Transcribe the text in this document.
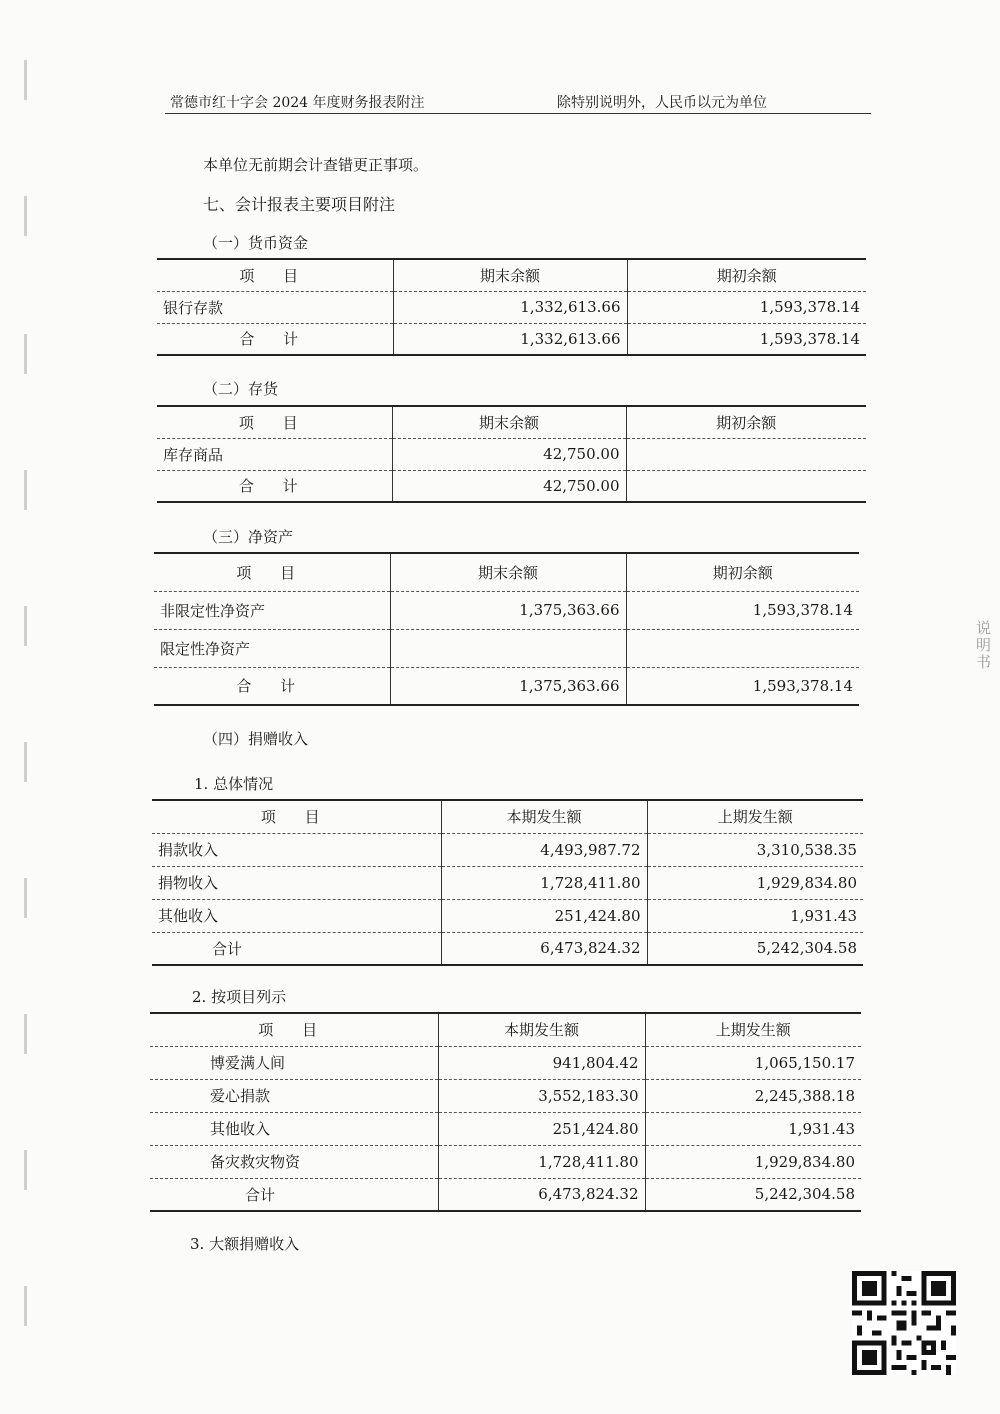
常德市红十字会 2024 年度财务报表附注	除特别说明外，人民币以元为单位
本单位无前期会计查错更正事项。
七、会计报表主要项目附注
（一）货币资金
项 目	期末余额	期初余额
银行存款	1,332,613.66	1,593,378.14
合 计	1,332,613.66	1,593,378.14
（二）存货
项 目	期末余额	期初余额
库存商品	42,750.00	
合 计	42,750.00	
（三）净资产
项 目	期末余额	期初余额
非限定性净资产	1,375,363.66	1,593,378.14
限定性净资产		
合 计	1,375,363.66	1,593,378.14
（四）捐赠收入
1. 总体情况
项 目	本期发生额	上期发生额
捐款收入	4,493,987.72	3,310,538.35
捐物收入	1,728,411.80	1,929,834.80
其他收入	251,424.80	1,931.43
合计	6,473,824.32	5,242,304.58
2. 按项目列示
项 目	本期发生额	上期发生额
博爱满人间	941,804.42	1,065,150.17
爱心捐款	3,552,183.30	2,245,388.18
其他收入	251,424.80	1,931.43
备灾救灾物资	1,728,411.80	1,929,834.80
合计	6,473,824.32	5,242,304.58
3. 大额捐赠收入
说明书
